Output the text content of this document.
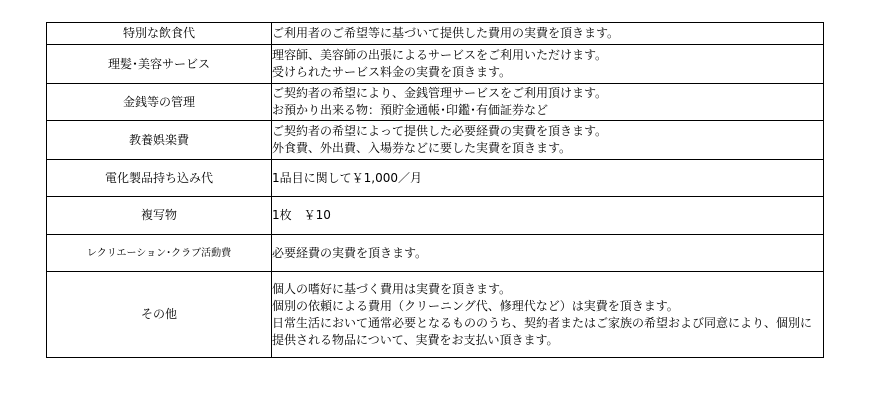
特別な飲食代	ご利用者のご希望等に基づいて提供した費用の実費を頂きます。

理髪･美容サービス	理容師、美容師の出張によるサービスをご利用いただけます。
受けられたサービス料金の実費を頂きます。

金銭等の管理	ご契約者の希望により、金銭管理サービスをご利用頂けます。
お預かり出来る物：預貯金通帳･印鑑･有価証券など

教養娯楽費	ご契約者の希望によって提供した必要経費の実費を頂きます。
外食費、外出費、入場券などに要した実費を頂きます。

電化製品持ち込み代	1品目に関して￥1,000／月

複写物	1枚　￥10

レクリエーション･クラブ活動費	必要経費の実費を頂きます。

その他	個人の嗜好に基づく費用は実費を頂きます。
個別の依頼による費用（クリーニング代、修理代など）は実費を頂きます。
日常生活において通常必要となるもののうち、契約者またはご家族の希望および同意により、個別に提供される物品について、実費をお支払い頂きます。
